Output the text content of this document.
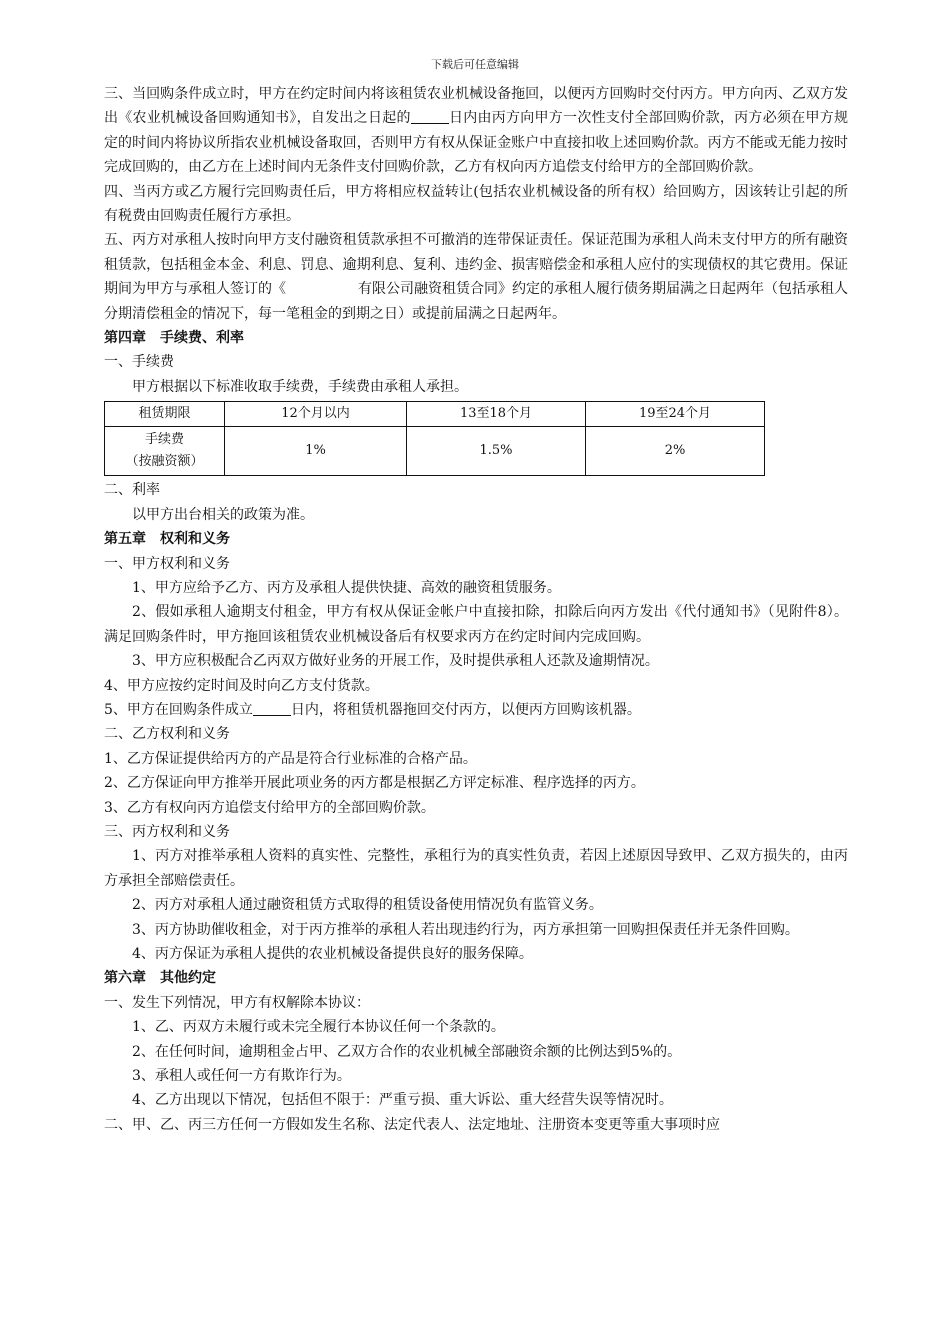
下载后可任意编辑

三、当回购条件成立时，甲方在约定时间内将该租赁农业机械设备拖回，以便丙方回购时交付丙方。甲方向丙、乙双方发出《农业机械设备回购通知书》，自发出之日起的	日内由丙方向甲方一次性支付全部回购价款，丙方必须在甲方规定的时间内将协议所指农业机械设备取回，否则甲方有权从保证金账户中直接扣收上述回购价款。丙方不能或无能力按时完成回购的，由乙方在上述时间内无条件支付回购价款，乙方有权向丙方追偿支付给甲方的全部回购价款。

四、当丙方或乙方履行完回购责任后，甲方将相应权益转让(包括农业机械设备的所有权）给回购方，因该转让引起的所有税费由回购责任履行方承担。

五、丙方对承租人按时向甲方支付融资租赁款承担不可撤消的连带保证责任。保证范围为承租人尚未支付甲方的所有融资租赁款，包括租金本金、利息、罚息、逾期利息、复利、违约金、损害赔偿金和承租人应付的实现债权的其它费用。保证期间为甲方与承租人签订的《	有限公司融资租赁合同》约定的承租人履行债务期届满之日起两年（包括承租人分期清偿租金的情况下，每一笔租金的到期之日）或提前届满之日起两年。

第四章　手续费、利率

一、手续费

甲方根据以下标准收取手续费，手续费由承租人承担。

租赁期限	12个月以内	13至18个月	19至24个月

手续费
（按融资额）	1%	1.5%	2%

二、利率

以甲方出台相关的政策为准。

第五章　权利和义务

一、甲方权利和义务

1、甲方应给予乙方、丙方及承租人提供快捷、高效的融资租赁服务。

2、假如承租人逾期支付租金，甲方有权从保证金帐户中直接扣除，扣除后向丙方发出《代付通知书》（见附件8）。满足回购条件时，甲方拖回该租赁农业机械设备后有权要求丙方在约定时间内完成回购。

3、甲方应积极配合乙丙双方做好业务的开展工作，及时提供承租人还款及逾期情况。

4、甲方应按约定时间及时向乙方支付货款。

5、甲方在回购条件成立	日内，将租赁机器拖回交付丙方，以便丙方回购该机器。

二、乙方权利和义务

1、乙方保证提供给丙方的产品是符合行业标准的合格产品。

2、乙方保证向甲方推举开展此项业务的丙方都是根据乙方评定标准、程序选择的丙方。

3、乙方有权向丙方追偿支付给甲方的全部回购价款。

三、丙方权利和义务

1、丙方对推举承租人资料的真实性、完整性，承租行为的真实性负责，若因上述原因导致甲、乙双方损失的，由丙方承担全部赔偿责任。

2、丙方对承租人通过融资租赁方式取得的租赁设备使用情况负有监管义务。

3、丙方协助催收租金，对于丙方推举的承租人若出现违约行为，丙方承担第一回购担保责任并无条件回购。

4、丙方保证为承租人提供的农业机械设备提供良好的服务保障。

第六章　其他约定

一、发生下列情况，甲方有权解除本协议：

1、乙、丙双方未履行或未完全履行本协议任何一个条款的。

2、在任何时间，逾期租金占甲、乙双方合作的农业机械全部融资余额的比例达到5%的。

3、承租人或任何一方有欺诈行为。

4、乙方出现以下情况，包括但不限于：严重亏损、重大诉讼、重大经营失误等情况时。

二、甲、乙、丙三方任何一方假如发生名称、法定代表人、法定地址、注册资本变更等重大事项时应
